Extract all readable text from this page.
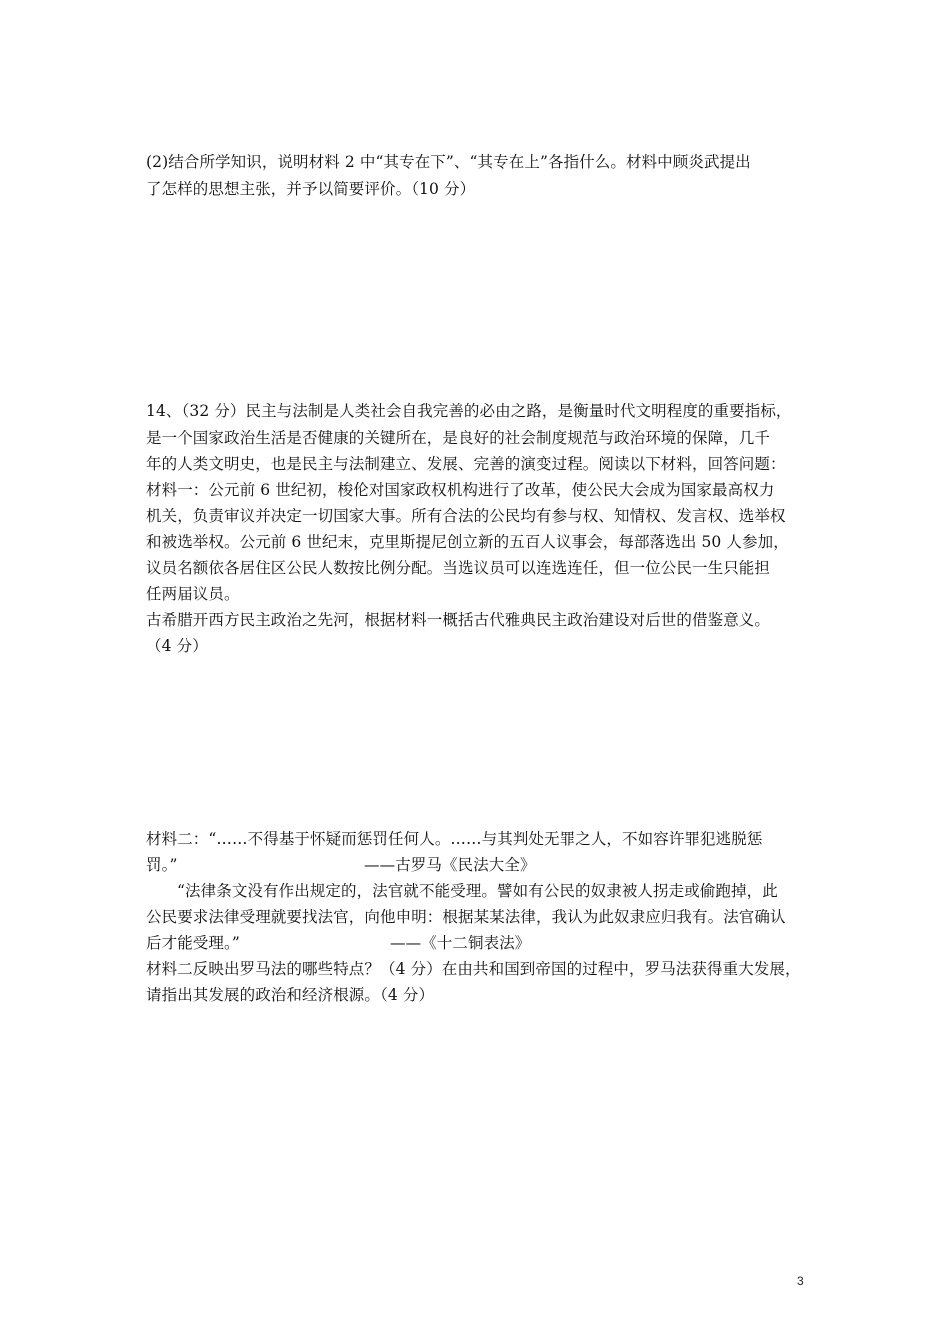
(2)结合所学知识，说明材料 2 中“其专在下”、“其专在上”各指什么。材料中顾炎武提出
了怎样的思想主张，并予以简要评价。（10 分）
14、（32 分）民主与法制是人类社会自我完善的必由之路，是衡量时代文明程度的重要指标，
是一个国家政治生活是否健康的关键所在，是良好的社会制度规范与政治环境的保障，几千
年的人类文明史，也是民主与法制建立、发展、完善的演变过程。阅读以下材料，回答问题：
材料一：公元前 6 世纪初，梭伦对国家政权机构进行了改革，使公民大会成为国家最高权力
机关，负责审议并决定一切国家大事。所有合法的公民均有参与权、知情权、发言权、选举权
和被选举权。公元前 6 世纪末，克里斯提尼创立新的五百人议事会，每部落选出 50 人参加，
议员名额依各居住区公民人数按比例分配。当选议员可以连选连任，但一位公民一生只能担
任两届议员。
古希腊开西方民主政治之先河，根据材料一概括古代雅典民主政治建设对后世的借鉴意义。
（4 分）
材料二：“……不得基于怀疑而惩罚任何人。……与其判处无罪之人，不如容许罪犯逃脱惩
罚。”	——古罗马《民法大全》
“法律条文没有作出规定的，法官就不能受理。譬如有公民的奴隶被人拐走或偷跑掉，此
公民要求法律受理就要找法官，向他申明：根据某某法律，我认为此奴隶应归我有。法官确认
后才能受理。”	——《十二铜表法》
材料二反映出罗马法的哪些特点？（4 分）在由共和国到帝国的过程中，罗马法获得重大发展，
请指出其发展的政治和经济根源。（4 分）
3
